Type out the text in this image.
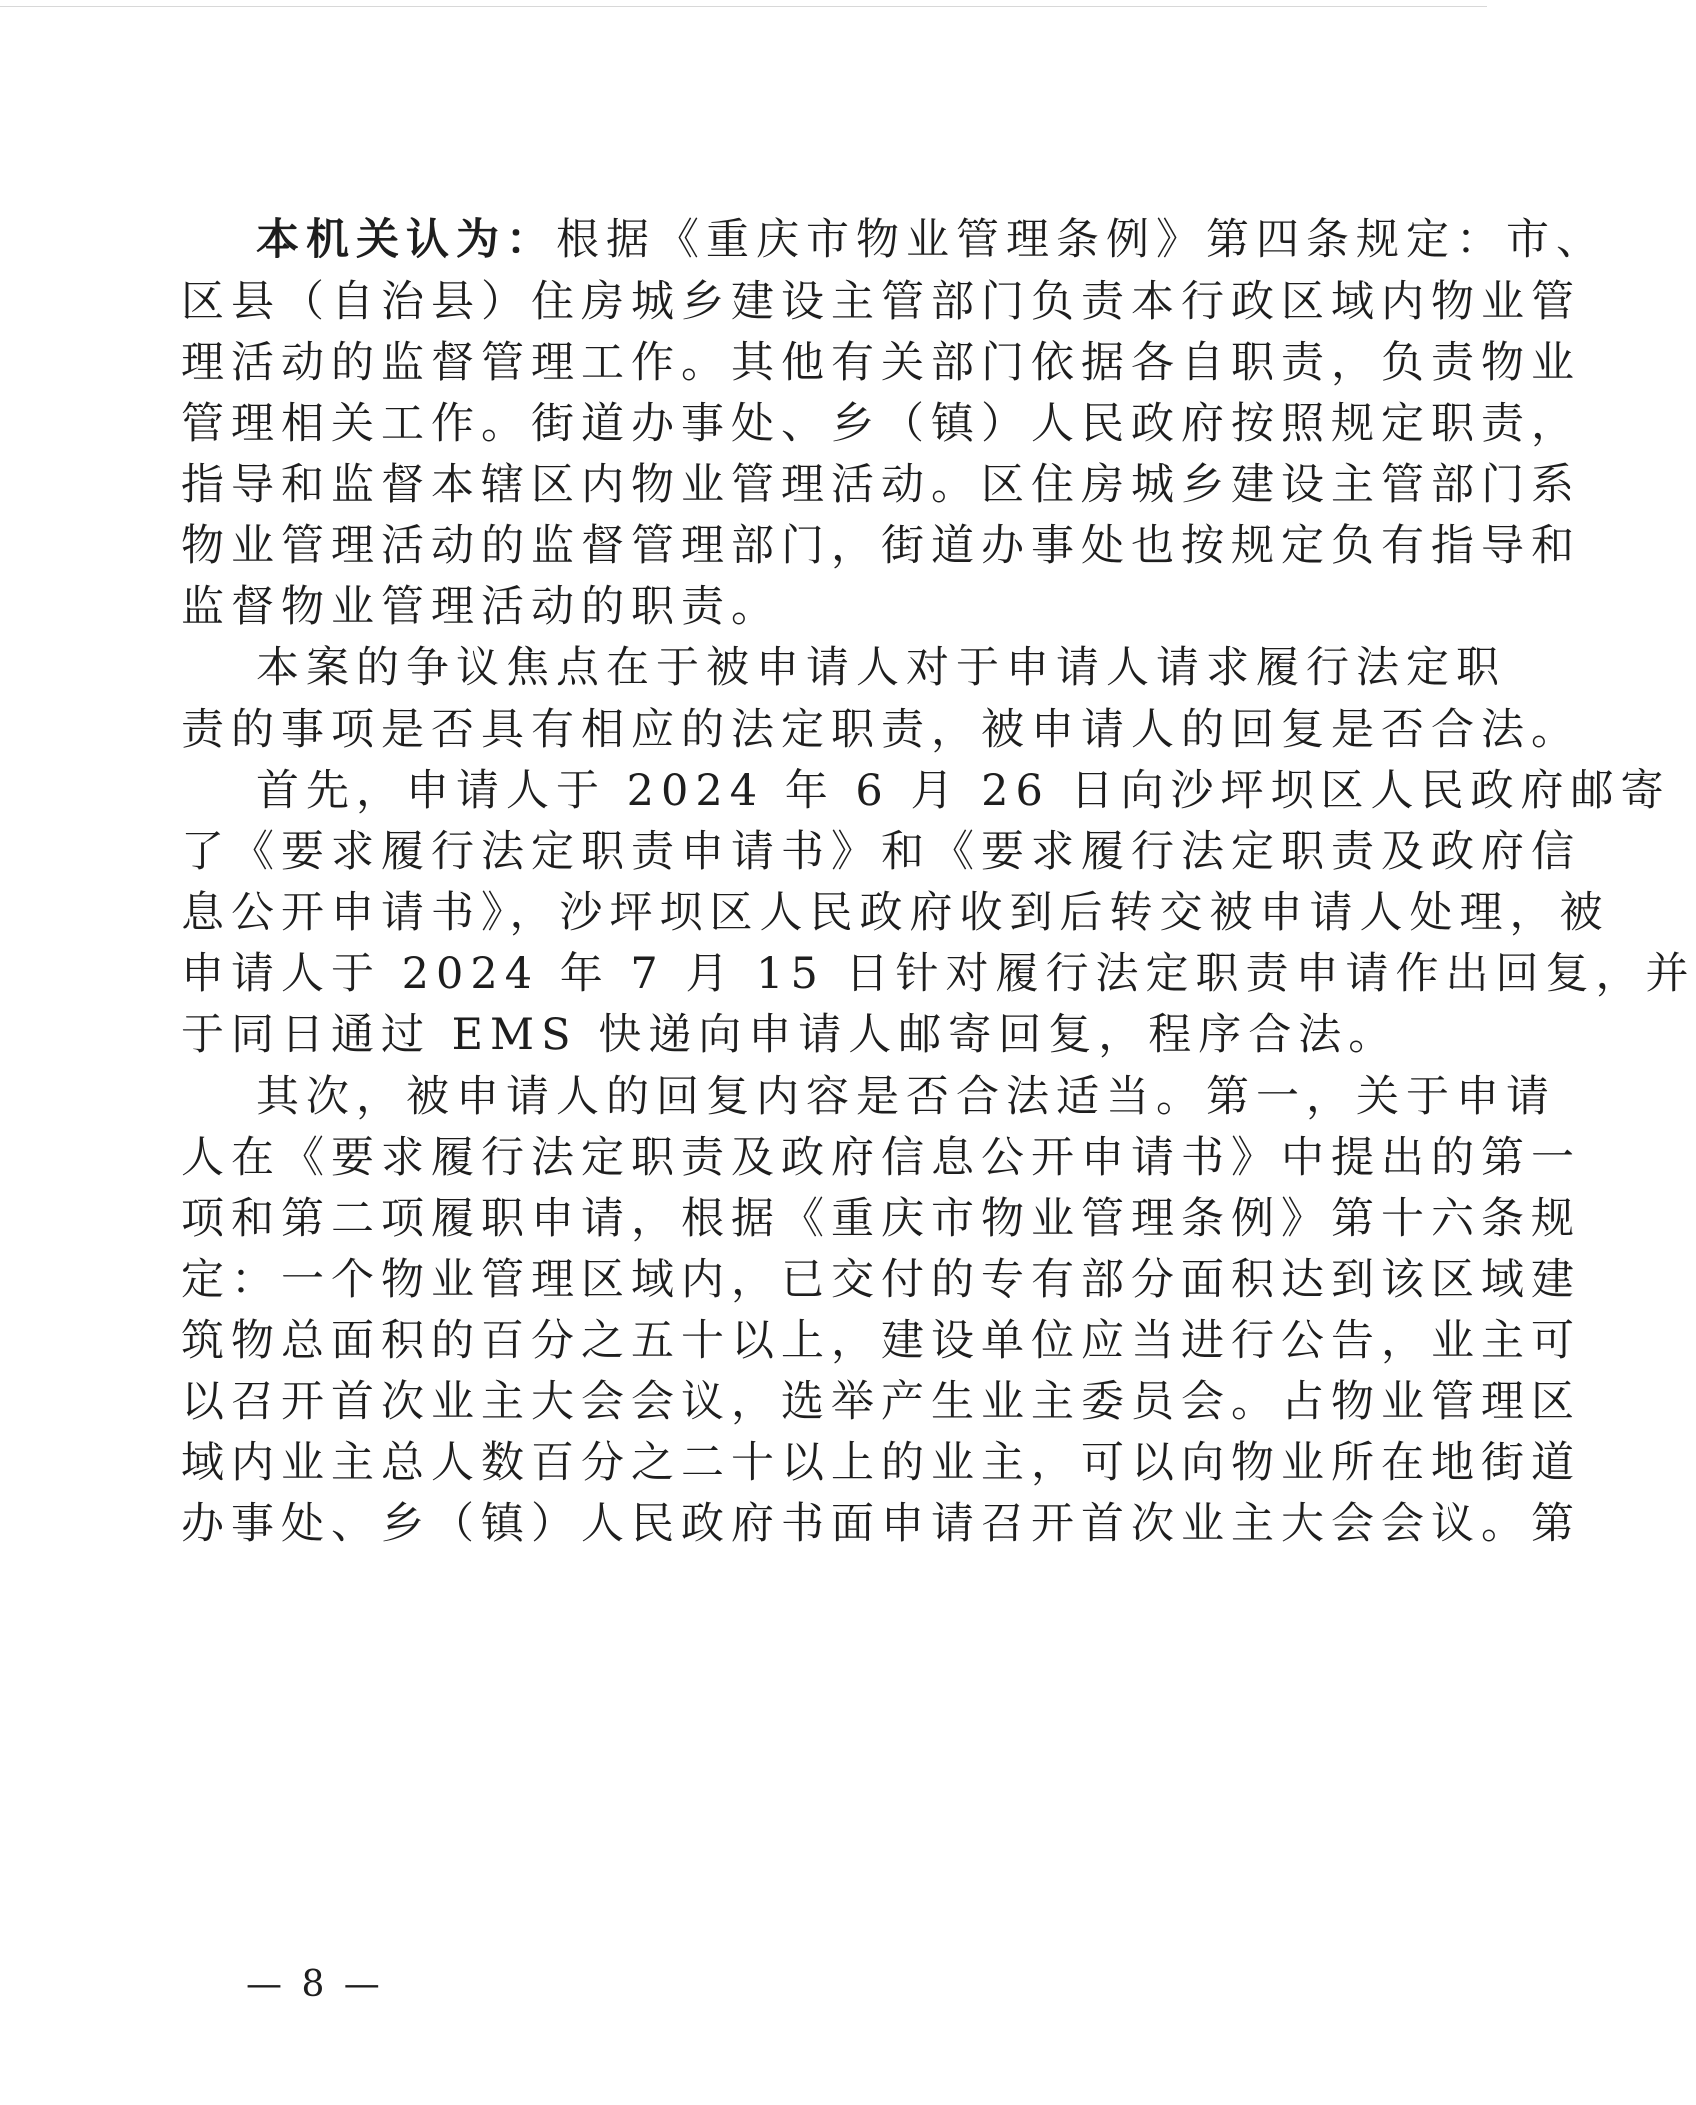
本机关认为：根据《重庆市物业管理条例》第四条规定：市、
区县（自治县）住房城乡建设主管部门负责本行政区域内物业管
理活动的监督管理工作。其他有关部门依据各自职责，负责物业
管理相关工作。街道办事处、乡（镇）人民政府按照规定职责，
指导和监督本辖区内物业管理活动。区住房城乡建设主管部门系
物业管理活动的监督管理部门，街道办事处也按规定负有指导和
监督物业管理活动的职责。
本案的争议焦点在于被申请人对于申请人请求履行法定职
责的事项是否具有相应的法定职责，被申请人的回复是否合法。
首先，申请人于 2024 年 6 月 26 日向沙坪坝区人民政府邮寄
了《要求履行法定职责申请书》和《要求履行法定职责及政府信
息公开申请书》，沙坪坝区人民政府收到后转交被申请人处理，被
申请人于 2024 年 7 月 15 日针对履行法定职责申请作出回复，并
于同日通过 EMS 快递向申请人邮寄回复，程序合法。
其次，被申请人的回复内容是否合法适当。第一，关于申请
人在《要求履行法定职责及政府信息公开申请书》中提出的第一
项和第二项履职申请，根据《重庆市物业管理条例》第十六条规
定：一个物业管理区域内，已交付的专有部分面积达到该区域建
筑物总面积的百分之五十以上，建设单位应当进行公告，业主可
以召开首次业主大会会议，选举产生业主委员会。占物业管理区
域内业主总人数百分之二十以上的业主，可以向物业所在地街道
办事处、乡（镇）人民政府书面申请召开首次业主大会会议。第
— 8 —
